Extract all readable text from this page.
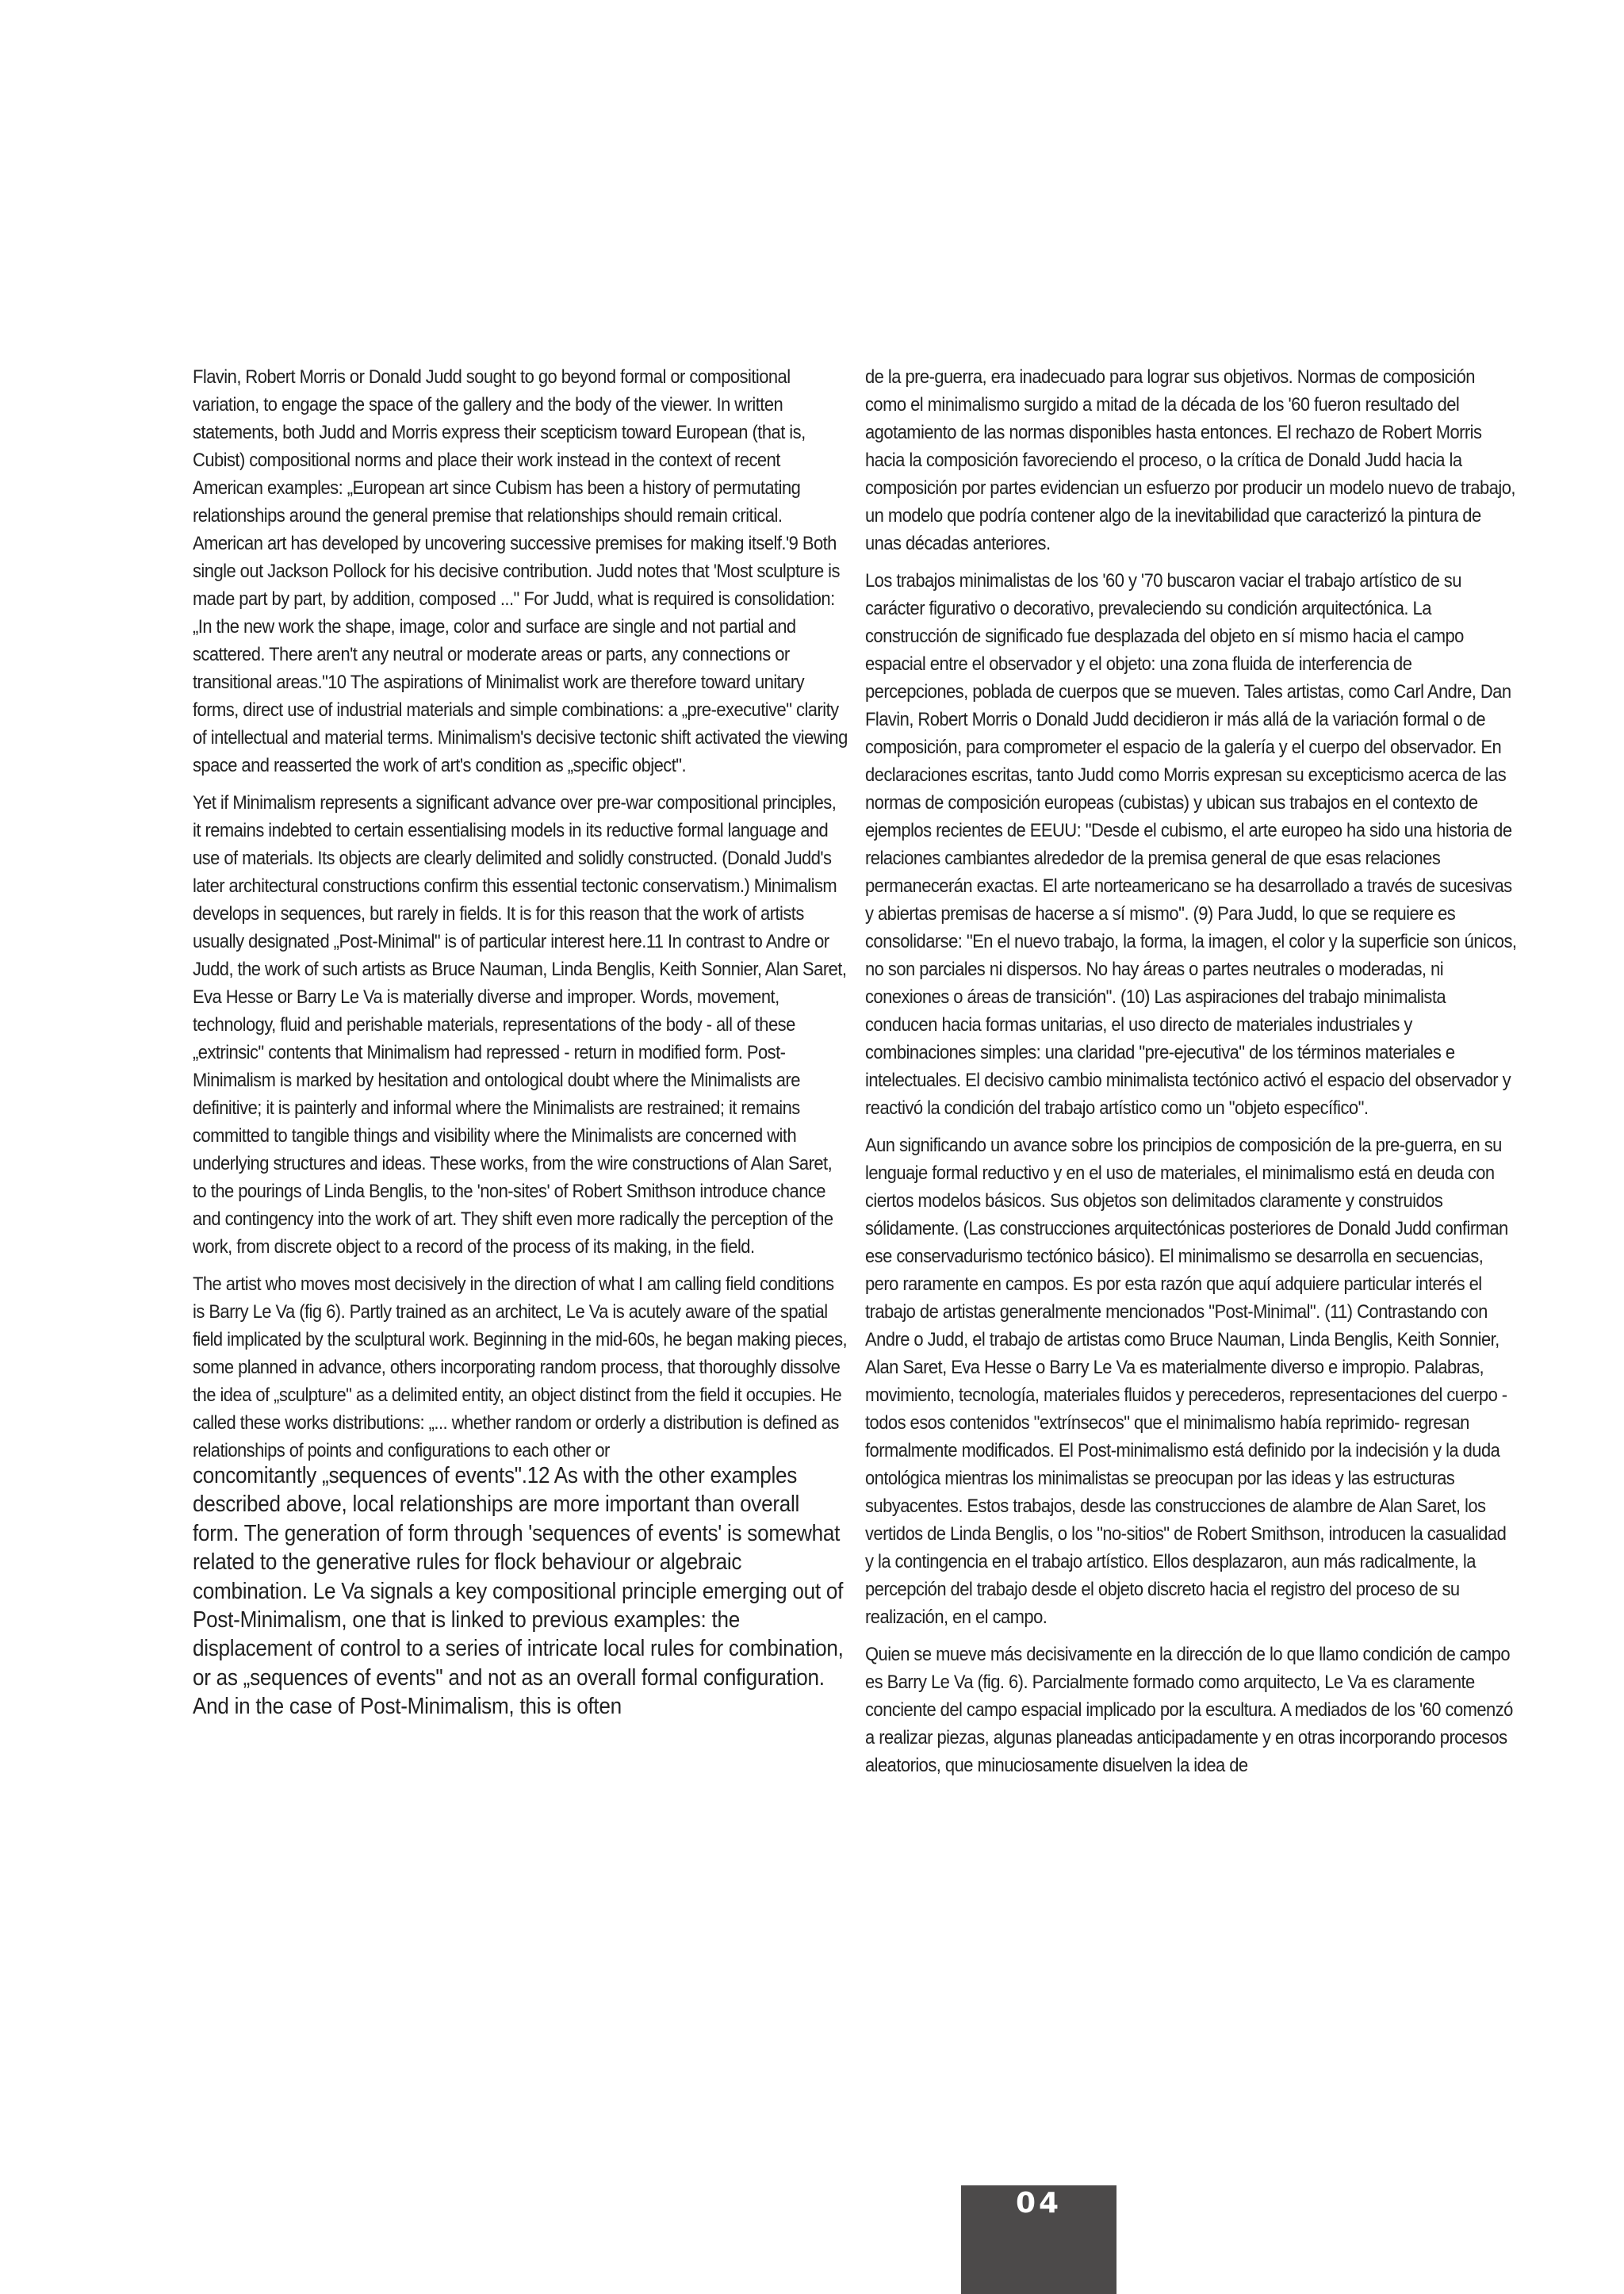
Flavin, Robert Morris or Donald Judd sought to go beyond formal or compositional variation, to engage the space of the gallery and the body of the viewer. In written statements, both Judd and Morris express their scepticism toward European (that is, Cubist) compositional norms and place their work instead in the context of recent American examples: „European art since Cubism has been a history of permutating relationships around the general premise that relationships should remain critical. American art has developed by uncovering successive premises for making itself.'9 Both single out Jackson Pollock for his decisive contribution. Judd notes that 'Most sculpture is made part by part, by addition, composed ..." For Judd, what is required is consolidation: „In the new work the shape, image, color and surface are single and not partial and scattered. There aren't any neutral or moderate areas or parts, any connections or transitional areas."10 The aspirations of Minimalist work are therefore toward unitary forms, direct use of industrial materials and simple combinations: a „pre-executive" clarity of intellectual and material terms. Minimalism's decisive tectonic shift activated the viewing space and reasserted the work of art's condition as „specific object".

Yet if Minimalism represents a significant advance over pre-war compositional principles, it remains indebted to certain essentialising models in its reductive formal language and use of materials. Its objects are clearly delimited and solidly constructed. (Donald Judd's later architectural constructions confirm this essential tectonic conservatism.) Minimalism develops in sequences, but rarely in fields. It is for this reason that the work of artists usually designated „Post-Minimal" is of particular interest here.11 In contrast to Andre or Judd, the work of such artists as Bruce Nauman, Linda Benglis, Keith Sonnier, Alan Saret, Eva Hesse or Barry Le Va is materially diverse and improper. Words, movement, technology, fluid and perishable materials, representations of the body - all of these „extrinsic" contents that Minimalism had repressed - return in modified form. Post-Minimalism is marked by hesitation and ontological doubt where the Minimalists are definitive; it is painterly and informal where the Minimalists are restrained; it remains committed to tangible things and visibility where the Minimalists are concerned with underlying structures and ideas. These works, from the wire constructions of Alan Saret, to the pourings of Linda Benglis, to the 'non-sites' of Robert Smithson introduce chance and contingency into the work of art. They shift even more radically the perception of the work, from discrete object to a record of the process of its making, in the field.

The artist who moves most decisively in the direction of what I am calling field conditions is Barry Le Va (fig 6). Partly trained as an architect, Le Va is acutely aware of the spatial field implicated by the sculptural work. Beginning in the mid-60s, he began making pieces, some planned in advance, others incorporating random process, that thoroughly dissolve the idea of „sculpture" as a delimited entity, an object distinct from the field it occupies. He called these works distributions: „... whether random or orderly a distribution is defined as relationships of points and configurations to each other or

concomitantly „sequences of events".12 As with the other examples described above, local relationships are more important than overall form. The generation of form through 'sequences of events' is somewhat related to the generative rules for flock behaviour or algebraic combination. Le Va signals a key compositional principle emerging out of Post-Minimalism, one that is linked to previous examples: the displacement of control to a series of intricate local rules for combination, or as „sequences of events" and not as an overall formal configuration. And in the case of Post-Minimalism, this is often

de la pre-guerra, era inadecuado para lograr sus objetivos. Normas de composición como el minimalismo surgido a mitad de la década de los '60 fueron resultado del agotamiento de las normas disponibles hasta entonces. El rechazo de Robert Morris hacia la composición favoreciendo el proceso, o la crítica de Donald Judd hacia la composición por partes evidencian un esfuerzo por producir un modelo nuevo de trabajo, un modelo que podría contener algo de la inevitabilidad que caracterizó la pintura de unas décadas anteriores.

Los trabajos minimalistas de los '60 y '70 buscaron vaciar el trabajo artístico de su carácter figurativo o decorativo, prevaleciendo su condición arquitectónica. La construcción de significado fue desplazada del objeto en sí mismo hacia el campo espacial entre el observador y el objeto: una zona fluida de interferencia de percepciones, poblada de cuerpos que se mueven. Tales artistas, como Carl Andre, Dan Flavin, Robert Morris o Donald Judd decidieron ir más allá de la variación formal o de composición, para comprometer el espacio de la galería y el cuerpo del observador. En declaraciones escritas, tanto Judd como Morris expresan su excepticismo acerca de las normas de composición europeas (cubistas) y ubican sus trabajos en el contexto de ejemplos recientes de EEUU: "Desde el cubismo, el arte europeo ha sido una historia de relaciones cambiantes alrededor de la premisa general de que esas relaciones permanecerán exactas. El arte norteamericano se ha desarrollado a través de sucesivas y abiertas premisas de hacerse a sí mismo". (9) Para Judd, lo que se requiere es consolidarse: "En el nuevo trabajo, la forma, la imagen, el color y la superficie son únicos, no son parciales ni dispersos. No hay áreas o partes neutrales o moderadas, ni conexiones o áreas de transición". (10) Las aspiraciones del trabajo minimalista conducen hacia formas unitarias, el uso directo de materiales industriales y combinaciones simples: una claridad "pre-ejecutiva" de los términos materiales e intelectuales. El decisivo cambio minimalista tectónico activó el espacio del observador y reactivó la condición del trabajo artístico como un "objeto específico".

Aun significando un avance sobre los principios de composición de la pre-guerra, en su lenguaje formal reductivo y en el uso de materiales, el minimalismo está en deuda con ciertos modelos básicos. Sus objetos son delimitados claramente y construidos sólidamente. (Las construcciones arquitectónicas posteriores de Donald Judd confirman ese conservadurismo tectónico básico). El minimalismo se desarrolla en secuencias, pero raramente en campos. Es por esta razón que aquí adquiere particular interés el trabajo de artistas generalmente mencionados "Post-Minimal". (11) Contrastando con Andre o Judd, el trabajo de artistas como Bruce Nauman, Linda Benglis, Keith Sonnier, Alan Saret, Eva Hesse o Barry Le Va es materialmente diverso e impropio. Palabras, movimiento, tecnología, materiales fluidos y perecederos, representaciones del cuerpo -todos esos contenidos "extrínsecos" que el minimalismo había reprimido- regresan formalmente modificados. El Post-minimalismo está definido por la indecisión y la duda ontológica mientras los minimalistas se preocupan por las ideas y las estructuras subyacentes. Estos trabajos, desde las construcciones de alambre de Alan Saret, los vertidos de Linda Benglis, o los "no-sitios" de Robert Smithson, introducen la casualidad y la contingencia en el trabajo artístico. Ellos desplazaron, aun más radicalmente, la percepción del trabajo desde el objeto discreto hacia el registro del proceso de su realización, en el campo.

Quien se mueve más decisivamente en la dirección de lo que llamo condición de campo es Barry Le Va (fig. 6). Parcialmente formado como arquitecto, Le Va es claramente conciente del campo espacial implicado por la escultura. A mediados de los '60 comenzó a realizar piezas, algunas planeadas anticipadamente y en otras incorporando procesos aleatorios, que minuciosamente disuelven la idea de

04
